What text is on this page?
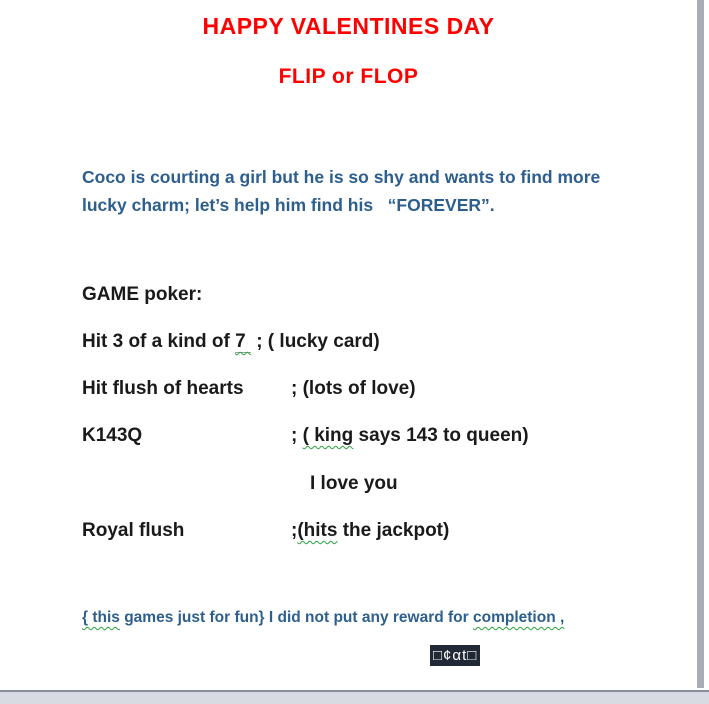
HAPPY VALENTINES DAY
FLIP or FLOP
Coco is courting a girl but he is so shy and wants to find more
lucky charm; let’s help him find his   “FOREVER”.
GAME poker:
Hit 3 of a kind of 7  ; ( lucky card)
Hit flush of hearts ; (lots of love)
K143Q	; ( king says 143 to queen)
I love you
Royal flush	;(hits the jackpot)
{ this games just for fun} I did not put any reward for completion ,
□¢αt□
